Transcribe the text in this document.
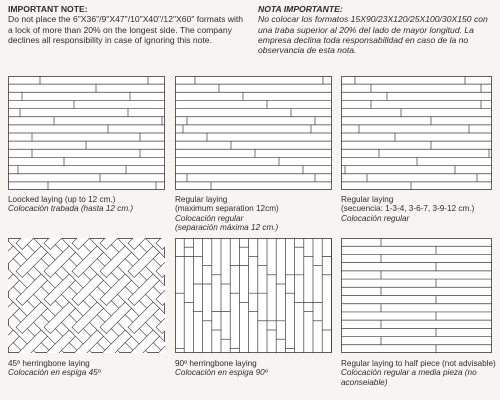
IMPORTANT NOTE:
Do not place the 6"X36"/9"X47"/10"X40"/12"X60" formats with a lock of more than 20% on the longest side. The company declines all responsibility in case of ignoring this note.
NOTA IMPORTANTE:
No colocar los formatos 15X90/23X120/25X100/30X150 con una traba superior al 20% del lado de mayor longitud. La empresa declina toda responsabilidad en caso de la no observancia de esta nota.
Loocked laying (up to 12 cm.)
Colocación trabada (hasta 12 cm.)
Regular laying
(maximum separation 12cm)
Colocación regular
(separación máxima 12 cm.)
Regular laying
(secuencia: 1-3-4, 3-6-7, 3-9-12 cm.)
Colocación regular
45º herringbone laying
Colocación en espiga 45º
90º herringbone laying
Colocación en espiga 90º
Regular laying to half piece (not advisable)
Colocación regular a media pieza (no aconseiable)
